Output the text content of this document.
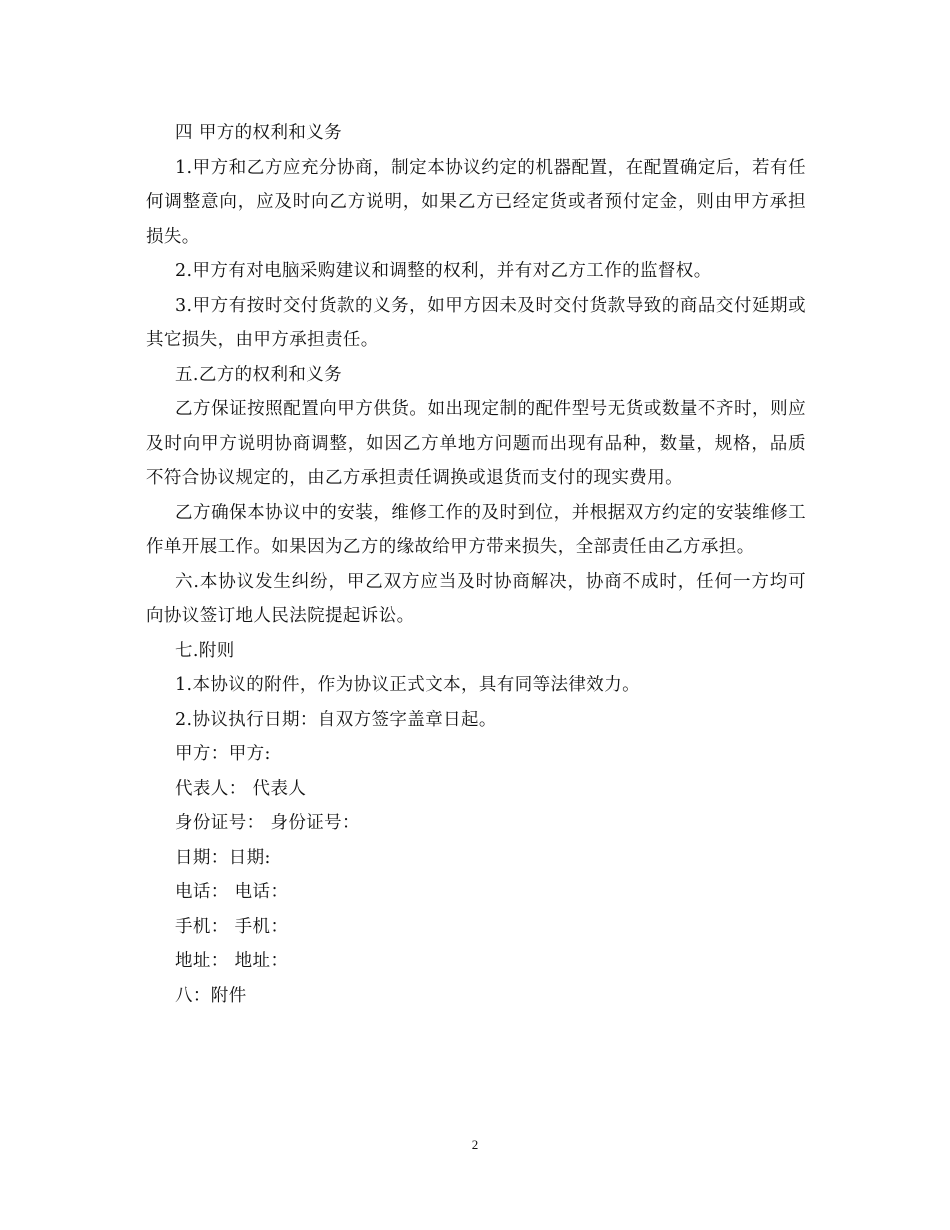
四 甲方的权利和义务

1.甲方和乙方应充分协商，制定本协议约定的机器配置，在配置确定后，若有任何调整意向，应及时向乙方说明，如果乙方已经定货或者预付定金，则由甲方承担损失。

2.甲方有对电脑采购建议和调整的权利，并有对乙方工作的监督权。

3.甲方有按时交付货款的义务，如甲方因未及时交付货款导致的商品交付延期或其它损失，由甲方承担责任。

五.乙方的权利和义务

乙方保证按照配置向甲方供货。如出现定制的配件型号无货或数量不齐时，则应及时向甲方说明协商调整，如因乙方单地方问题而出现有品种，数量，规格，品质不符合协议规定的，由乙方承担责任调换或退货而支付的现实费用。

乙方确保本协议中的安装，维修工作的及时到位，并根据双方约定的安装维修工作单开展工作。如果因为乙方的缘故给甲方带来损失，全部责任由乙方承担。

六.本协议发生纠纷，甲乙双方应当及时协商解决，协商不成时，任何一方均可向协议签订地人民法院提起诉讼。

七.附则

1.本协议的附件，作为协议正式文本，具有同等法律效力。

2.协议执行日期：自双方签字盖章日起。

甲方：甲方:

代表人： 代表人

身份证号： 身份证号：

日期：日期:

电话： 电话：

手机： 手机：

地址： 地址：

八：附件

2
